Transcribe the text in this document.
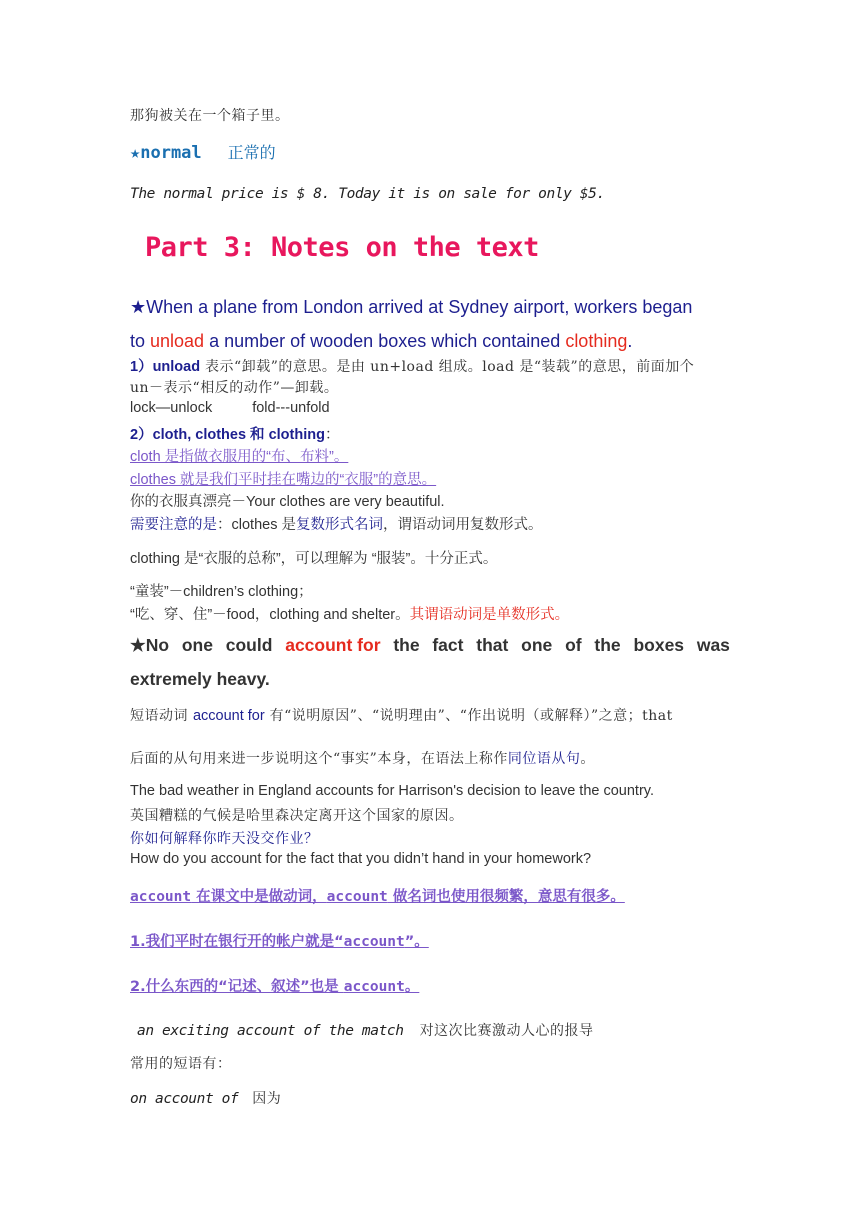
那狗被关在一个箱子里。
★normal 正常的
The normal price is $ 8. Today it is on sale for only $5.
Part 3: Notes on the text
★When a plane from London arrived at Sydney airport, workers began
to unload a number of wooden boxes which contained clothing.
1）unload 表示“卸载”的意思。是由 un+load 组成。load 是“装载”的意思，前面加个
un－表示“相反的动作”—卸载。
lock—unlock	fold---unfold
2）cloth, clothes 和 clothing：
cloth 是指做衣服用的“布、布料”。
clothes 就是我们平时挂在嘴边的“衣服”的意思。
你的衣服真漂亮－Your clothes are very beautiful.
需要注意的是：clothes 是复数形式名词，谓语动词用复数形式。
clothing 是“衣服的总称”，可以理解为 “服装”。十分正式。
“童装”－children’s clothing；
“吃、穿、住”－food，clothing and shelter。其谓语动词是单数形式。
★No one could account for the fact that one of the boxes was
extremely heavy.
短语动词 account for 有“说明原因”、“说明理由”、“作出说明（或解释）”之意；that
后面的从句用来进一步说明这个“事实”本身，在语法上称作同位语从句。
The bad weather in England accounts for Harrison's decision to leave the country.
英国糟糕的气候是哈里森决定离开这个国家的原因。
你如何解释你昨天没交作业？
How do you account for the fact that you didn’t hand in your homework?
account 在课文中是做动词，account 做名词也使用很频繁，意思有很多。
1.我们平时在银行开的帐户就是“account”。
2.什么东西的“记述、叙述”也是 account。
an exciting account of the match 对这次比赛激动人心的报导
常用的短语有：
on account of 因为
